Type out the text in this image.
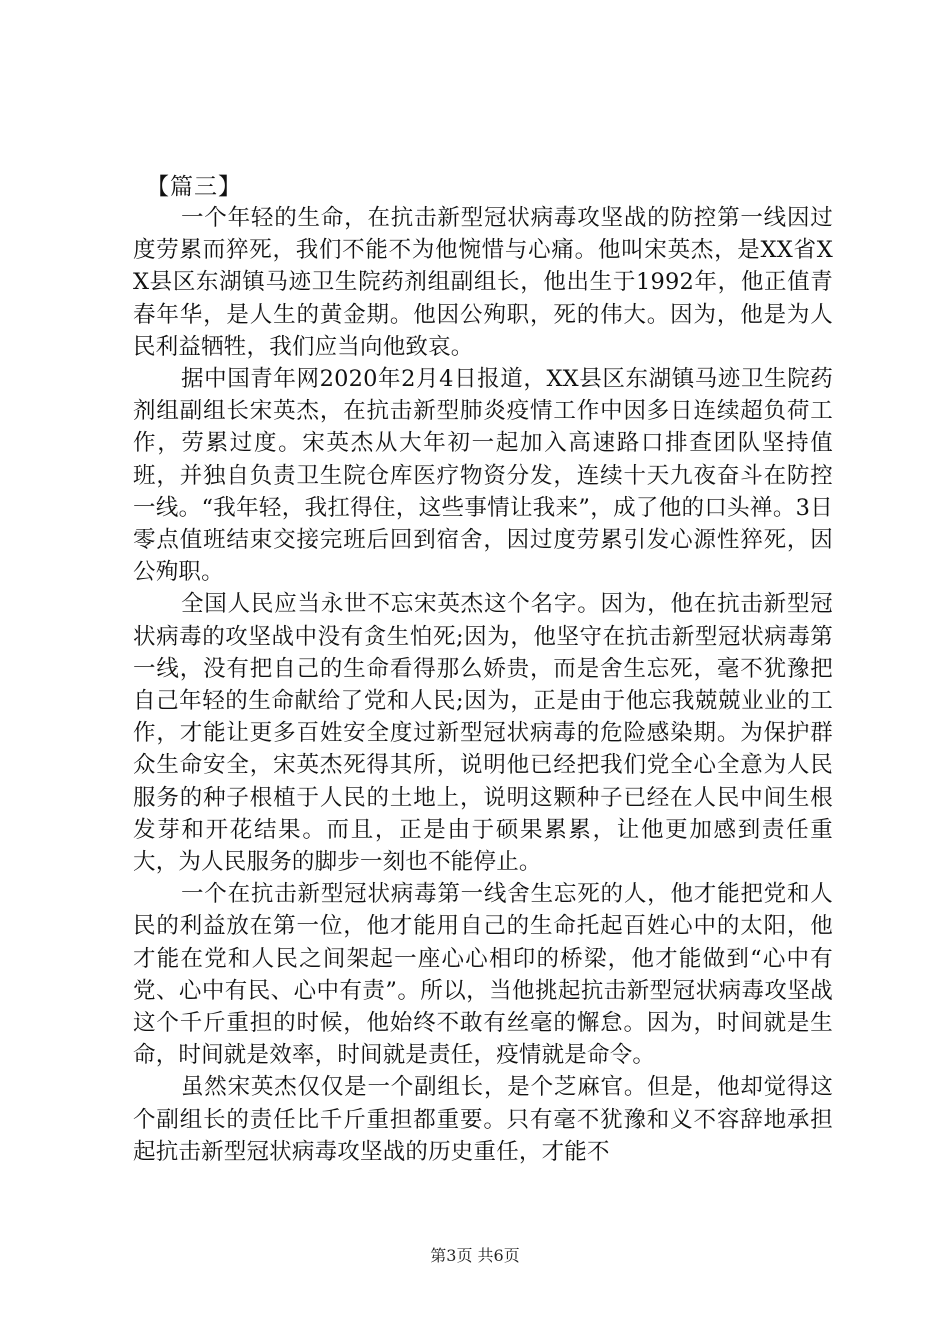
【篇三】

一个年轻的生命，在抗击新型冠状病毒攻坚战的防控第一线因过度劳累而猝死，我们不能不为他惋惜与心痛。他叫宋英杰，是XX省XX县区东湖镇马迹卫生院药剂组副组长，他出生于1992年，他正值青春年华，是人生的黄金期。他因公殉职，死的伟大。因为，他是为人民利益牺牲，我们应当向他致哀。

据中国青年网2020年2月4日报道，XX县区东湖镇马迹卫生院药剂组副组长宋英杰，在抗击新型肺炎疫情工作中因多日连续超负荷工作，劳累过度。宋英杰从大年初一起加入高速路口排查团队坚持值班，并独自负责卫生院仓库医疗物资分发，连续十天九夜奋斗在防控一线。“我年轻，我扛得住，这些事情让我来”，成了他的口头禅。3日零点值班结束交接完班后回到宿舍，因过度劳累引发心源性猝死，因公殉职。

全国人民应当永世不忘宋英杰这个名字。因为，他在抗击新型冠状病毒的攻坚战中没有贪生怕死;因为，他坚守在抗击新型冠状病毒第一线，没有把自己的生命看得那么娇贵，而是舍生忘死，毫不犹豫把自己年轻的生命献给了党和人民;因为，正是由于他忘我兢兢业业的工作，才能让更多百姓安全度过新型冠状病毒的危险感染期。为保护群众生命安全，宋英杰死得其所，说明他已经把我们党全心全意为人民服务的种子根植于人民的土地上，说明这颗种子已经在人民中间生根发芽和开花结果。而且，正是由于硕果累累，让他更加感到责任重大，为人民服务的脚步一刻也不能停止。

一个在抗击新型冠状病毒第一线舍生忘死的人，他才能把党和人民的利益放在第一位，他才能用自己的生命托起百姓心中的太阳，他才能在党和人民之间架起一座心心相印的桥梁，他才能做到“心中有党、心中有民、心中有责”。所以，当他挑起抗击新型冠状病毒攻坚战这个千斤重担的时候，他始终不敢有丝毫的懈怠。因为，时间就是生命，时间就是效率，时间就是责任，疫情就是命令。

虽然宋英杰仅仅是一个副组长，是个芝麻官。但是，他却觉得这个副组长的责任比千斤重担都重要。只有毫不犹豫和义不容辞地承担起抗击新型冠状病毒攻坚战的历史重任，才能不

第3页 共6页
